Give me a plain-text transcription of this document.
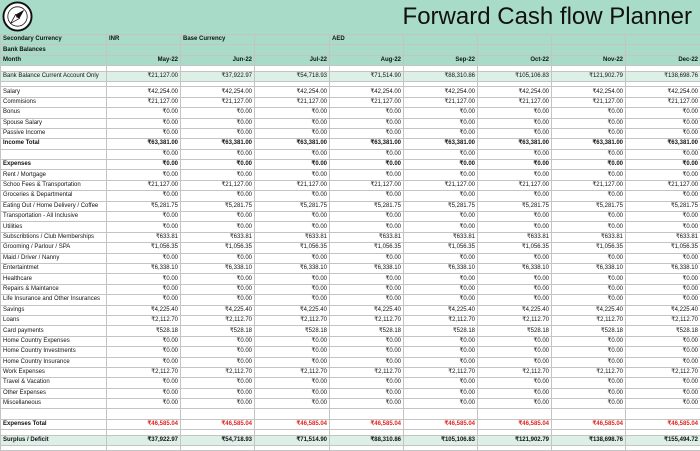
Forward Cash flow Planner
Secondary Currency	INR	Base Currency		AED				
Bank Balances								
Month	May-22	Jun-22	Jul-22	Aug-22	Sep-22	Oct-22	Nov-22	Dec-22

Bank Balance Current Account Only	₹21,127.00	₹37,922.97	₹54,718.93	₹71,514.90	₹88,310.86	₹105,106.83	₹121,902.79	₹138,698.76

Salary	₹42,254.00	₹42,254.00	₹42,254.00	₹42,254.00	₹42,254.00	₹42,254.00	₹42,254.00	₹42,254.00
Commisions	₹21,127.00	₹21,127.00	₹21,127.00	₹21,127.00	₹21,127.00	₹21,127.00	₹21,127.00	₹21,127.00
Bonus	₹0.00	₹0.00	₹0.00	₹0.00	₹0.00	₹0.00	₹0.00	₹0.00
Spouse Salary	₹0.00	₹0.00	₹0.00	₹0.00	₹0.00	₹0.00	₹0.00	₹0.00
Passive Income	₹0.00	₹0.00	₹0.00	₹0.00	₹0.00	₹0.00	₹0.00	₹0.00
Income Total	₹63,381.00	₹63,381.00	₹63,381.00	₹63,381.00	₹63,381.00	₹63,381.00	₹63,381.00	₹63,381.00
	₹0.00	₹0.00	₹0.00	₹0.00	₹0.00	₹0.00	₹0.00	₹0.00
Expenses	₹0.00	₹0.00	₹0.00	₹0.00	₹0.00	₹0.00	₹0.00	₹0.00
Rent / Mortgage	₹0.00	₹0.00	₹0.00	₹0.00	₹0.00	₹0.00	₹0.00	₹0.00
Schoo Fees & Transportation	₹21,127.00	₹21,127.00	₹21,127.00	₹21,127.00	₹21,127.00	₹21,127.00	₹21,127.00	₹21,127.00
Groceries & Departmental	₹0.00	₹0.00	₹0.00	₹0.00	₹0.00	₹0.00	₹0.00	₹0.00
Eating Out / Home Delivery / Coffee	₹5,281.75	₹5,281.75	₹5,281.75	₹5,281.75	₹5,281.75	₹5,281.75	₹5,281.75	₹5,281.75
Transportation - All Inclusive	₹0.00	₹0.00	₹0.00	₹0.00	₹0.00	₹0.00	₹0.00	₹0.00
Utilities	₹0.00	₹0.00	₹0.00	₹0.00	₹0.00	₹0.00	₹0.00	₹0.00
Subscribtions / Club Memberships	₹633.81	₹633.81	₹633.81	₹633.81	₹633.81	₹633.81	₹633.81	₹633.81
Grooming / Parlour / SPA	₹1,056.35	₹1,056.35	₹1,056.35	₹1,056.35	₹1,056.35	₹1,056.35	₹1,056.35	₹1,056.35
Maid / Driver / Nanny	₹0.00	₹0.00	₹0.00	₹0.00	₹0.00	₹0.00	₹0.00	₹0.00
Entertaintmet	₹6,338.10	₹6,338.10	₹6,338.10	₹6,338.10	₹6,338.10	₹6,338.10	₹6,338.10	₹6,338.10
Healthcare	₹0.00	₹0.00	₹0.00	₹0.00	₹0.00	₹0.00	₹0.00	₹0.00
Repairs & Maintance	₹0.00	₹0.00	₹0.00	₹0.00	₹0.00	₹0.00	₹0.00	₹0.00
Life Insurance and Other Insurances	₹0.00	₹0.00	₹0.00	₹0.00	₹0.00	₹0.00	₹0.00	₹0.00
Savings	₹4,225.40	₹4,225.40	₹4,225.40	₹4,225.40	₹4,225.40	₹4,225.40	₹4,225.40	₹4,225.40
Loans	₹2,112.70	₹2,112.70	₹2,112.70	₹2,112.70	₹2,112.70	₹2,112.70	₹2,112.70	₹2,112.70
Card payments	₹528.18	₹528.18	₹528.18	₹528.18	₹528.18	₹528.18	₹528.18	₹528.18
Home Country Expenses	₹0.00	₹0.00	₹0.00	₹0.00	₹0.00	₹0.00	₹0.00	₹0.00
Home Country Investments	₹0.00	₹0.00	₹0.00	₹0.00	₹0.00	₹0.00	₹0.00	₹0.00
Home Country Insurance	₹0.00	₹0.00	₹0.00	₹0.00	₹0.00	₹0.00	₹0.00	₹0.00
Work Expenses	₹2,112.70	₹2,112.70	₹2,112.70	₹2,112.70	₹2,112.70	₹2,112.70	₹2,112.70	₹2,112.70
Travel & Vacation	₹0.00	₹0.00	₹0.00	₹0.00	₹0.00	₹0.00	₹0.00	₹0.00
Other Expenses	₹0.00	₹0.00	₹0.00	₹0.00	₹0.00	₹0.00	₹0.00	₹0.00
Miscellaneous	₹0.00	₹0.00	₹0.00	₹0.00	₹0.00	₹0.00	₹0.00	₹0.00

Expenses Total	₹46,585.04	₹46,585.04	₹46,585.04	₹46,585.04	₹46,585.04	₹46,585.04	₹46,585.04	₹46,585.04

Surplus / Deficit	₹37,922.97	₹54,718.93	₹71,514.90	₹88,310.86	₹105,106.83	₹121,902.79	₹138,698.76	₹155,494.72
